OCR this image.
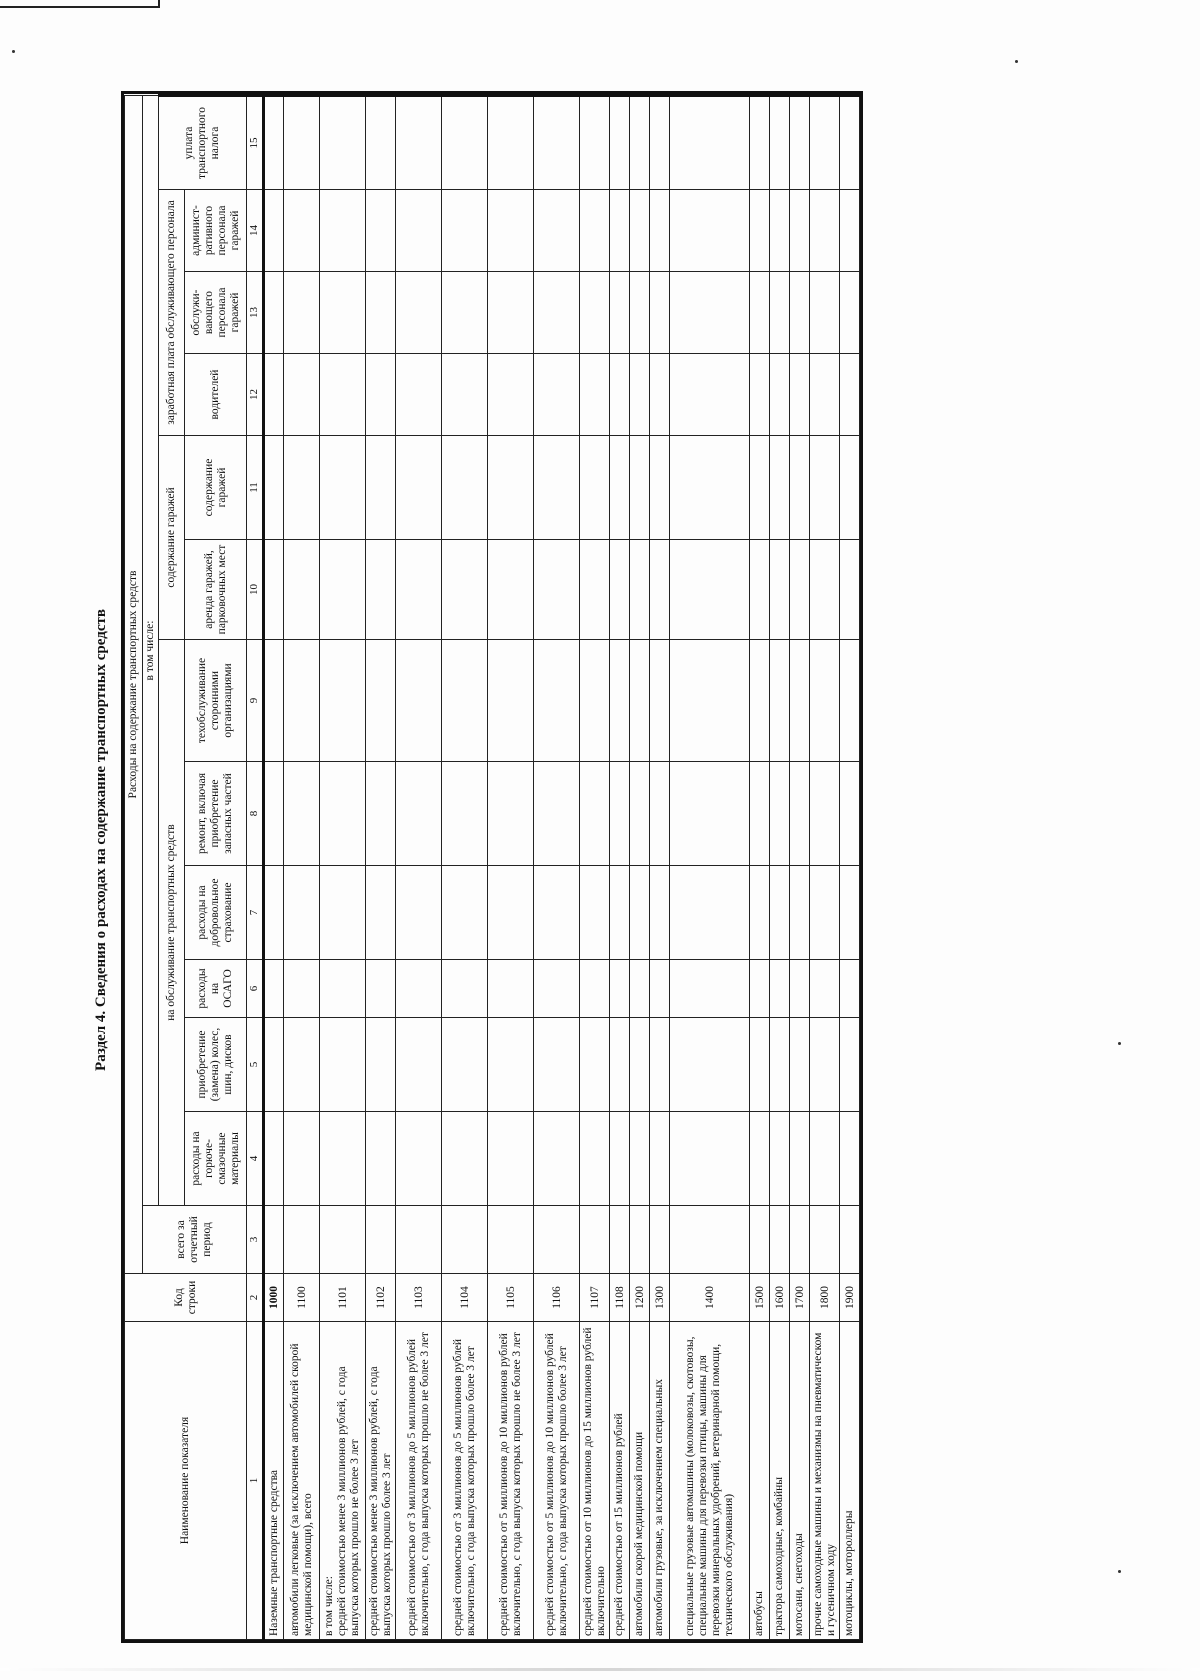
Раздел 4. Сведения о расходах на содержание транспортных средств
Наименование показателя	Код строки	Расходы на содержание транспортных средств												
		всего за отчетный период	в том числе:											
			на обслуживание транспортных средств						содержание гаражей		заработная плата обслуживающего персонала			уплата транспортного налога
			расходы на горюче-смазочные материалы	приобретение (замена) колес, шин, дисков	расходы на ОСАГО	расходы на добровольное страхование	ремонт, включая приобретение запасных частей	техобслуживание сторонними организациями	аренда гаражей, парковочных мест	содержание гаражей	водителей	обслужи-вающего персонала гаражей	админист-ративного персонала гаражей	
1	2	3	4	5	6	7	8	9	10	11	12	13	14	15

Наземные транспортные средства	1000													

автомобили легковые (за исключением автомобилей скорой медицинской помощи), всего	1100													

в том числе: средней стоимостью менее 3 миллионов рублей, с года выпуска которых прошло не более 3 лет	1101													

средней стоимостью менее 3 миллионов рублей, с года выпуска которых прошло более 3 лет	1102													

средней стоимостью от 3 миллионов до 5 миллионов рублей включительно, с года выпуска которых прошло не более 3 лет	1103													

средней стоимостью от 3 миллионов до 5 миллионов рублей включительно, с года выпуска которых прошло более 3 лет	1104													

средней стоимостью от 5 миллионов до 10 миллионов рублей включительно, с года выпуска которых прошло не более 3 лет	1105													

средней стоимостью от 5 миллионов до 10 миллионов рублей включительно, с года выпуска которых прошло более 3 лет	1106													

средней стоимостью от 10 миллионов до 15 миллионов рублей включительно	1107													

средней стоимостью от 15 миллионов рублей	1108													

автомобили скорой медицинской помощи	1200													

автомобили грузовые, за исключением специальных	1300													

специальные грузовые автомашины (молоковозы, скотовозы, специальные машины для перевозки птицы, машины для перевозки минеральных удобрений, ветеринарной помощи, технического обслуживания)	1400													

автобусы	1500													

трактора самоходные, комбайны	1600													

мотосани, снегоходы	1700													

прочие самоходные машины и механизмы на пневматическом и гусеничном ходу	1800													

мотоциклы, мотороллеры	1900													
